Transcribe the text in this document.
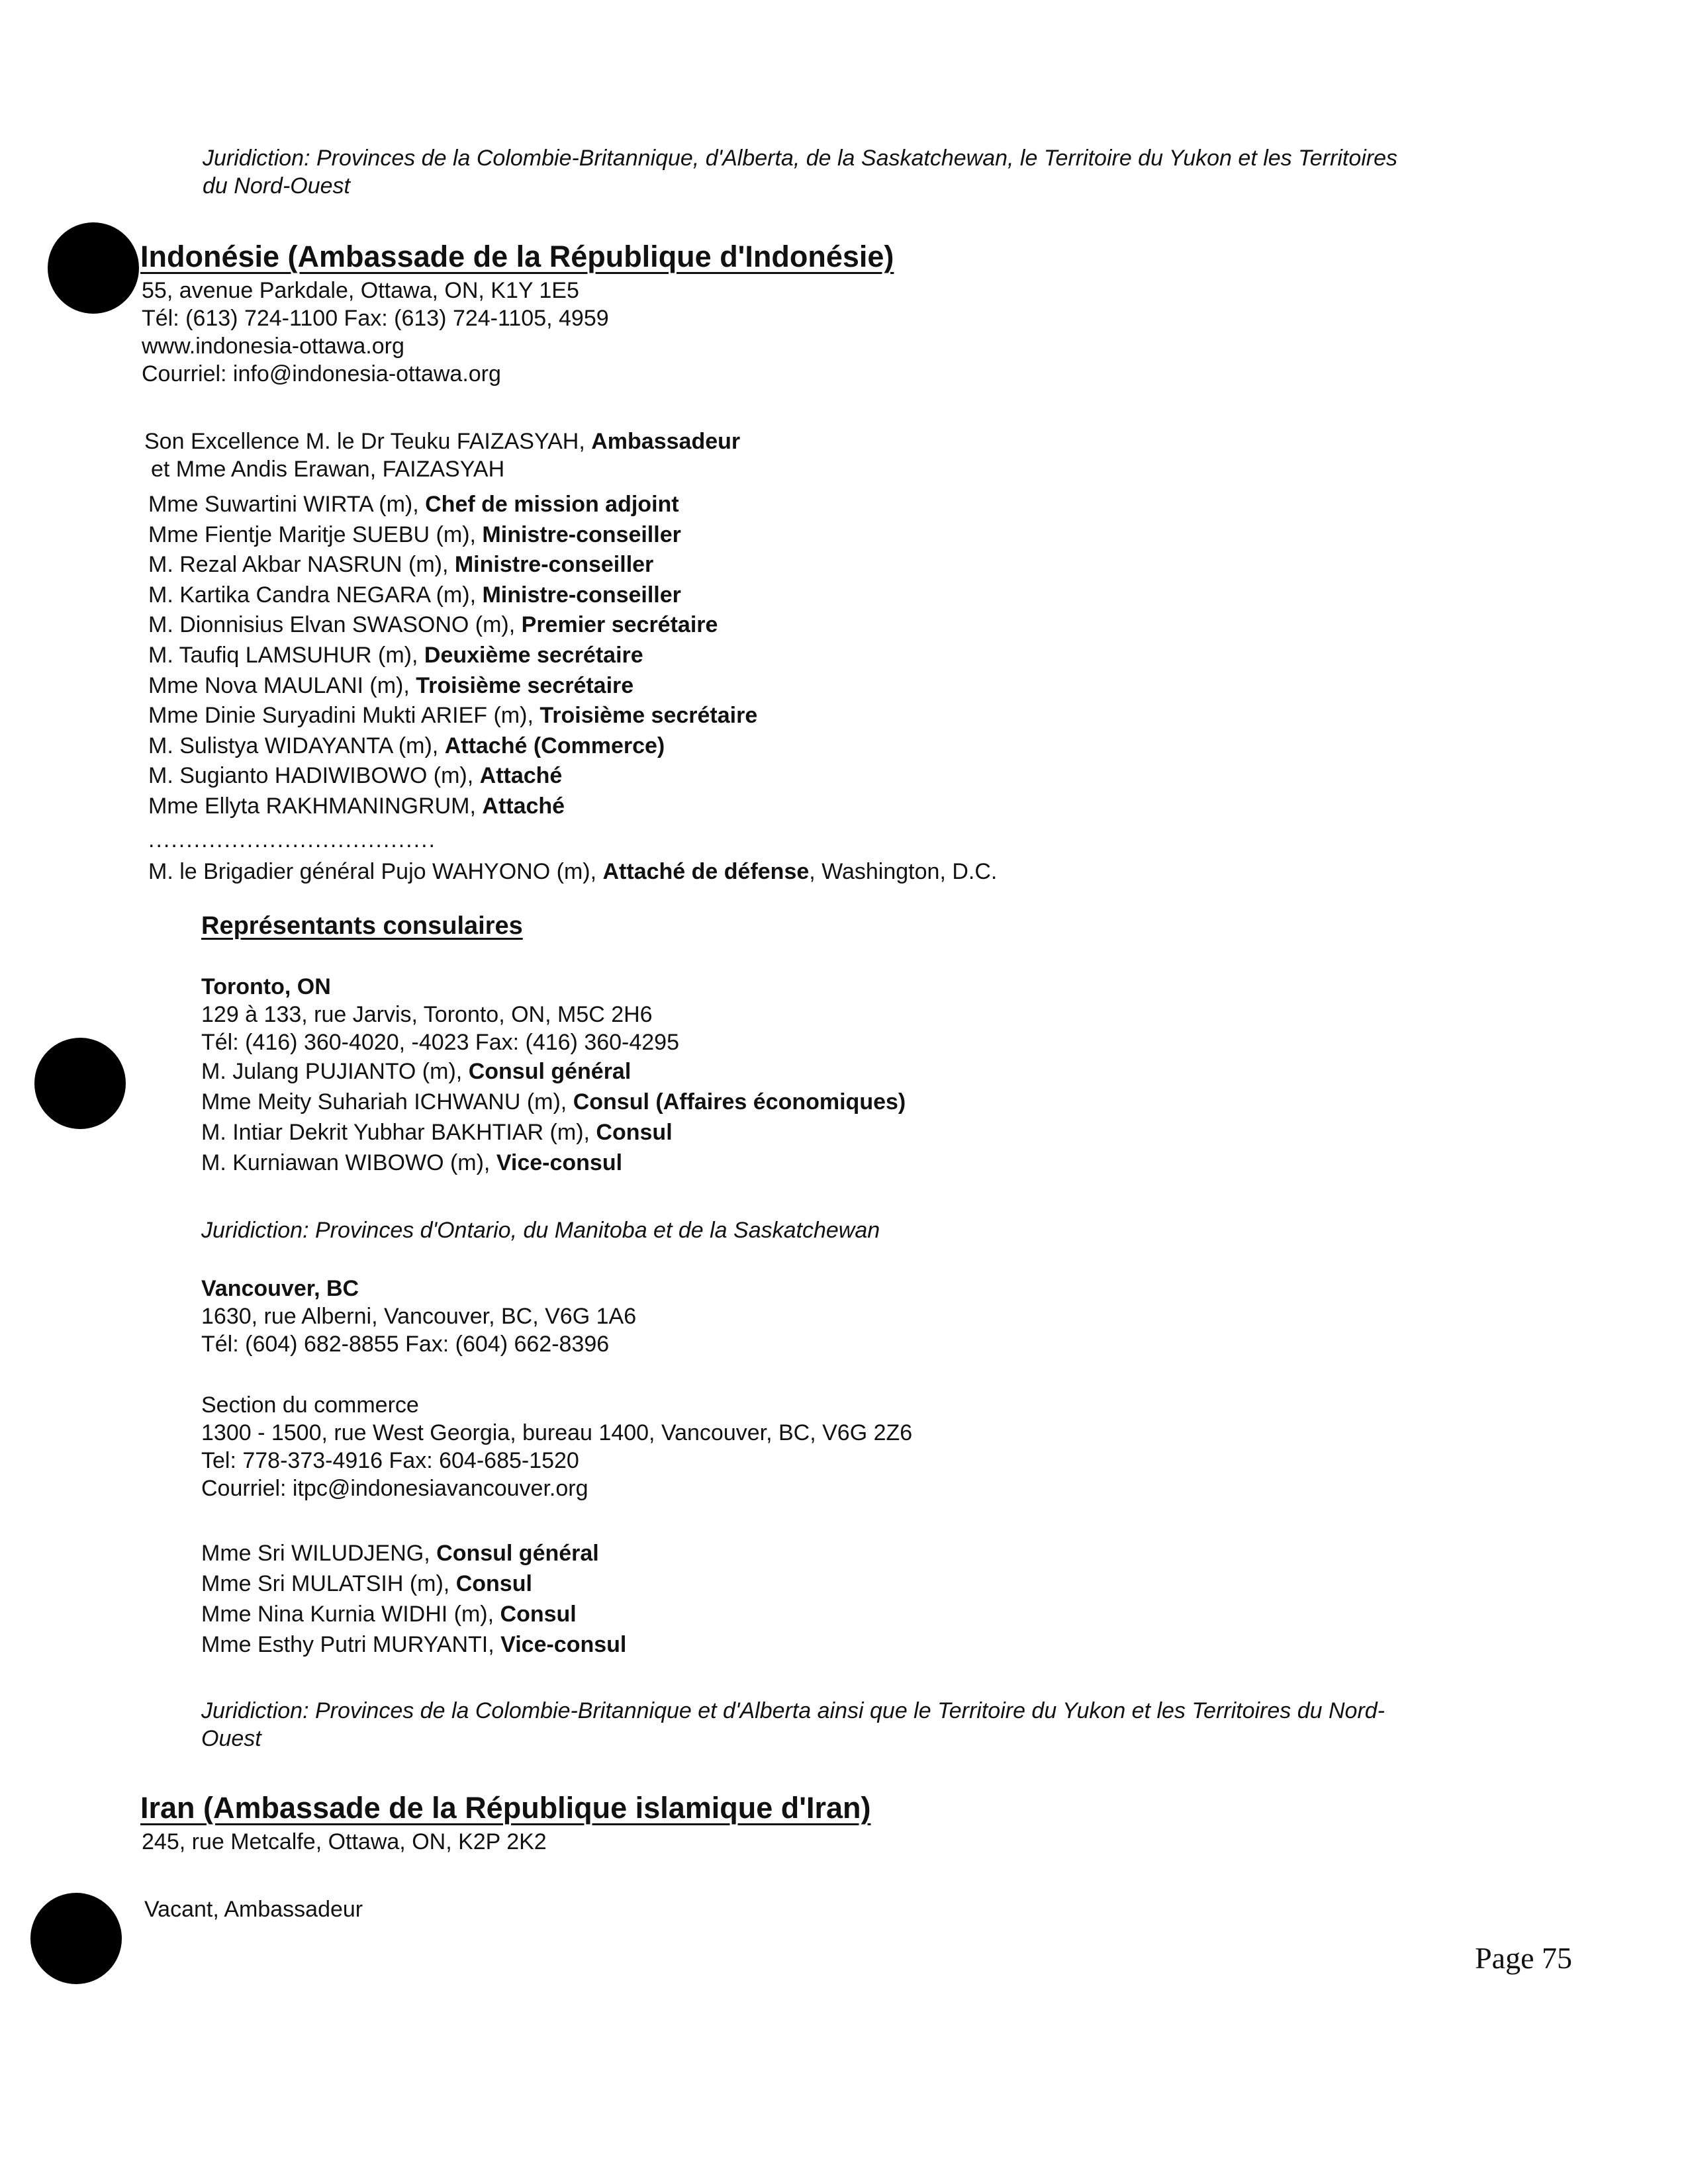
Juridiction: Provinces de la Colombie-Britannique, d'Alberta, de la Saskatchewan, le Territoire du Yukon et les Territoires
du Nord-Ouest
Indonésie (Ambassade de la République d'Indonésie)
55, avenue Parkdale, Ottawa, ON, K1Y 1E5
Tél: (613) 724-1100 Fax: (613) 724-1105, 4959
www.indonesia-ottawa.org
Courriel: info@indonesia-ottawa.org
Son Excellence M. le Dr Teuku FAIZASYAH, Ambassadeur
et Mme Andis Erawan, FAIZASYAH
Mme Suwartini WIRTA (m), Chef de mission adjoint
Mme Fientje Maritje SUEBU (m), Ministre-conseiller
M. Rezal Akbar NASRUN (m), Ministre-conseiller
M. Kartika Candra NEGARA (m), Ministre-conseiller
M. Dionnisius Elvan SWASONO (m), Premier secrétaire
M. Taufiq LAMSUHUR (m), Deuxième secrétaire
Mme Nova MAULANI (m), Troisième secrétaire
Mme Dinie Suryadini Mukti ARIEF (m), Troisième secrétaire
M. Sulistya WIDAYANTA (m), Attaché (Commerce)
M. Sugianto HADIWIBOWO (m), Attaché
Mme Ellyta RAKHMANINGRUM, Attaché
......................................
M. le Brigadier général Pujo WAHYONO (m), Attaché de défense, Washington, D.C.
Représentants consulaires
Toronto, ON
129 à 133, rue Jarvis, Toronto, ON, M5C 2H6
Tél: (416) 360-4020, -4023 Fax: (416) 360-4295
M. Julang PUJIANTO (m), Consul général
Mme Meity Suhariah ICHWANU (m), Consul (Affaires économiques)
M. Intiar Dekrit Yubhar BAKHTIAR (m), Consul
M. Kurniawan WIBOWO (m), Vice-consul
Juridiction: Provinces d'Ontario, du Manitoba et de la Saskatchewan
Vancouver, BC
1630, rue Alberni, Vancouver, BC, V6G 1A6
Tél: (604) 682-8855 Fax: (604) 662-8396
Section du commerce
1300 - 1500, rue West Georgia, bureau 1400, Vancouver, BC, V6G 2Z6
Tel: 778-373-4916 Fax: 604-685-1520
Courriel: itpc@indonesiavancouver.org
Mme Sri WILUDJENG, Consul général
Mme Sri MULATSIH (m), Consul
Mme Nina Kurnia WIDHI (m), Consul
Mme Esthy Putri MURYANTI, Vice-consul
Juridiction: Provinces de la Colombie-Britannique et d'Alberta ainsi que le Territoire du Yukon et les Territoires du Nord-
Ouest
Iran (Ambassade de la République islamique d'Iran)
245, rue Metcalfe, Ottawa, ON, K2P 2K2
Vacant, Ambassadeur
Page 75
